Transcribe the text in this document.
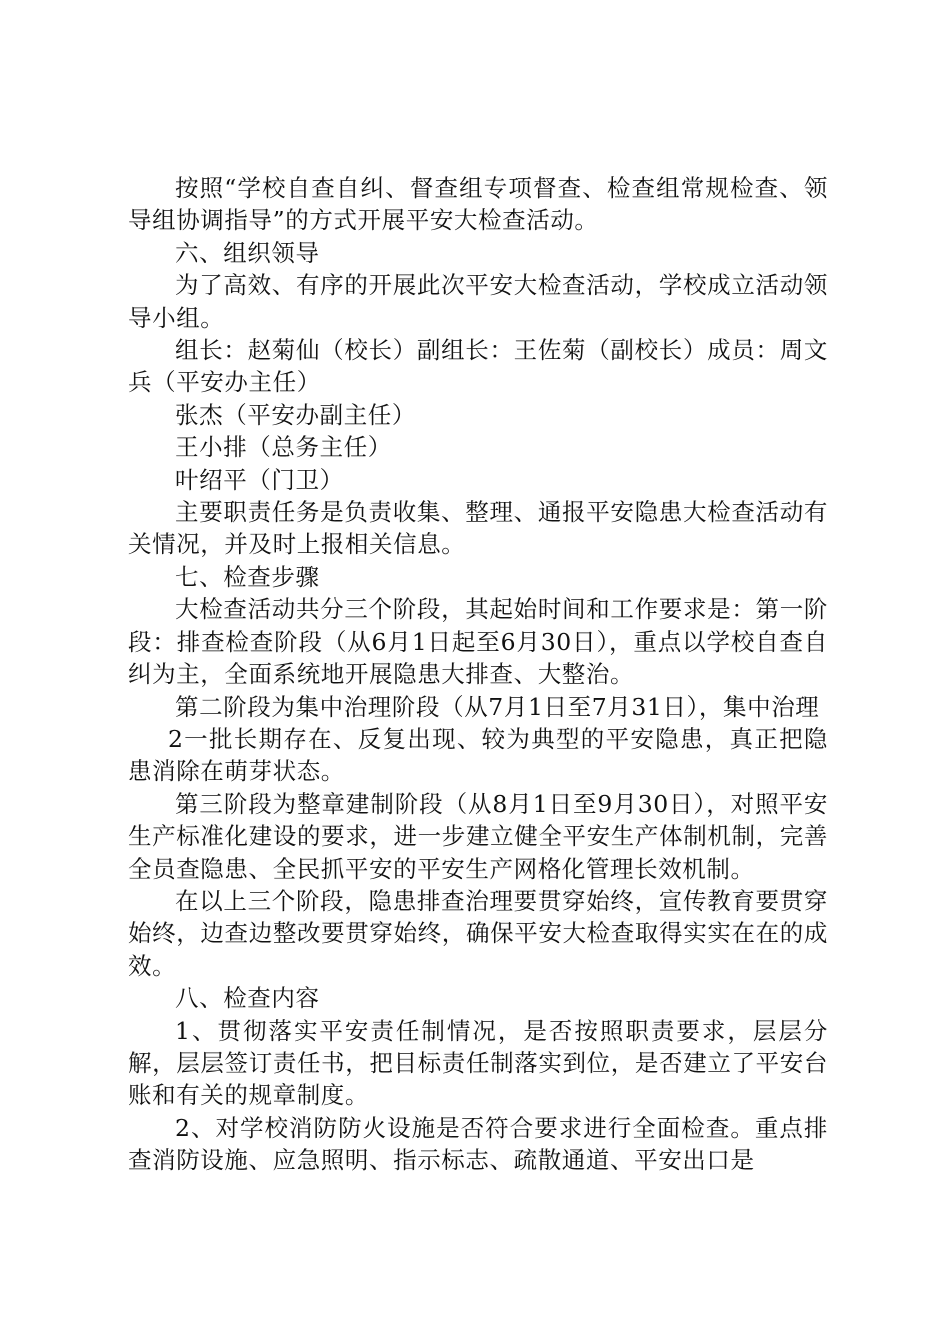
按照“学校自查自纠、督查组专项督查、检查组常规检查、领导组协调指导”的方式开展平安大检查活动。

六、组织领导

为了高效、有序的开展此次平安大检查活动，学校成立活动领导小组。

组长：赵菊仙（校长）副组长：王佐菊（副校长）成员：周文兵（平安办主任）

张杰（平安办副主任）

王小排（总务主任）

叶绍平（门卫）

主要职责任务是负责收集、整理、通报平安隐患大检查活动有关情况，并及时上报相关信息。

七、检查步骤

大检查活动共分三个阶段，其起始时间和工作要求是：第一阶段：排查检查阶段（从6月1日起至6月30日），重点以学校自查自纠为主，全面系统地开展隐患大排查、大整治。

第二阶段为集中治理阶段（从7月1日至7月31日），集中治理

2一批长期存在、反复出现、较为典型的平安隐患，真正把隐患消除在萌芽状态。

第三阶段为整章建制阶段（从8月1日至9月30日），对照平安生产标准化建设的要求，进一步建立健全平安生产体制机制，完善全员查隐患、全民抓平安的平安生产网格化管理长效机制。

在以上三个阶段，隐患排查治理要贯穿始终，宣传教育要贯穿始终，边查边整改要贯穿始终，确保平安大检查取得实实在在的成效。

八、检查内容

1、贯彻落实平安责任制情况，是否按照职责要求，层层分解，层层签订责任书，把目标责任制落实到位，是否建立了平安台账和有关的规章制度。

2、对学校消防防火设施是否符合要求进行全面检查。重点排查消防设施、应急照明、指示标志、疏散通道、平安出口是
